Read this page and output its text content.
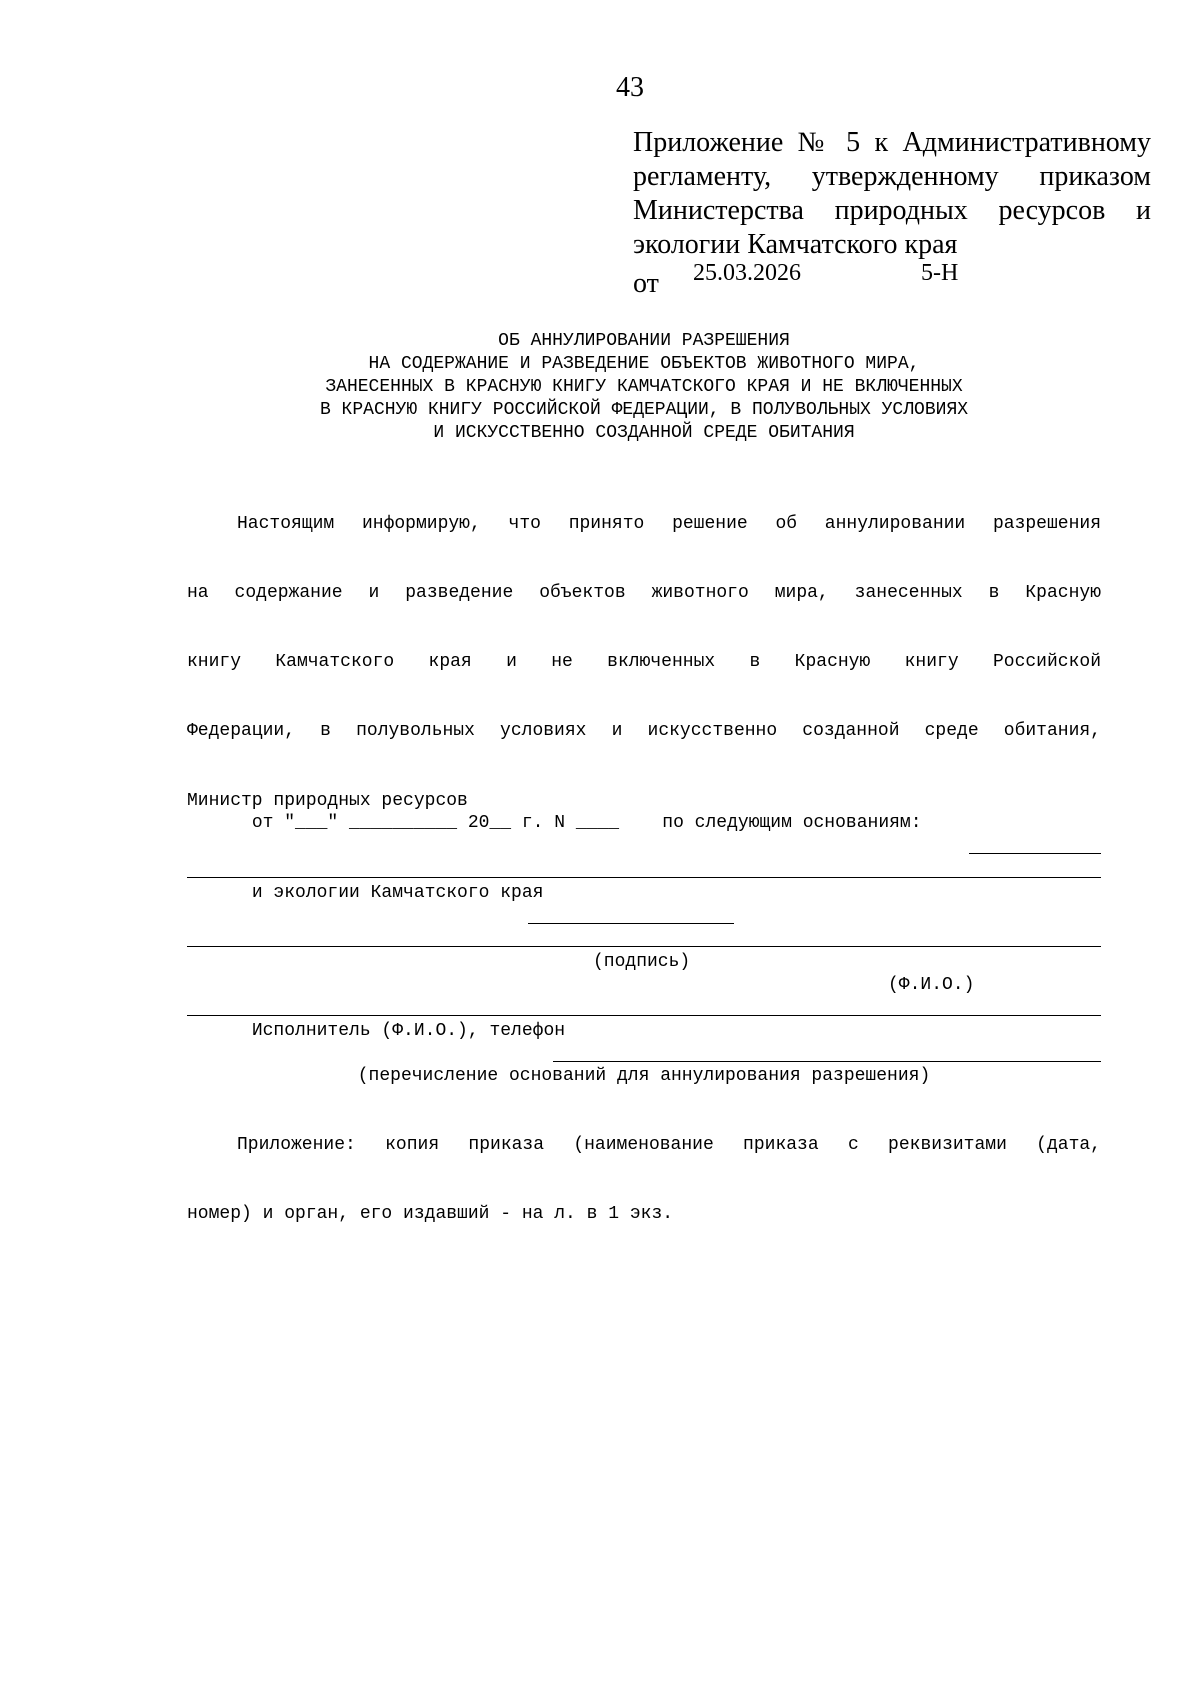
43
Приложение № 5 к Административному
регламенту, утвержденному приказом
Министерства природных ресурсов и
экологии Камчатского края
от 25.03.2026	5-Н
ОБ АННУЛИРОВАНИИ РАЗРЕШЕНИЯ
НА СОДЕРЖАНИЕ И РАЗВЕДЕНИЕ ОБЪЕКТОВ ЖИВОТНОГО МИРА,
ЗАНЕСЕННЫХ В КРАСНУЮ КНИГУ КАМЧАТСКОГО КРАЯ И НЕ ВКЛЮЧЕННЫХ
В КРАСНУЮ КНИГУ РОССИЙСКОЙ ФЕДЕРАЦИИ, В ПОЛУВОЛЬНЫХ УСЛОВИЯХ
И ИСКУССТВЕННО СОЗДАННОЙ СРЕДЕ ОБИТАНИЯ

Настоящим информирую, что принято решение об аннулировании разрешения

на содержание и разведение объектов животного мира, занесенных в Красную

книгу Камчатского края и не включенных в Красную книгу Российской

Федерации, в полувольных условиях и искусственно созданной среде обитания,

от "___" __________ 20__ г. N ____    по следующим основаниям:

(перечисление оснований для аннулирования разрешения)

Приложение: копия приказа (наименование приказа с реквизитами (дата,

номер) и орган, его издавший - на л. в 1 экз.

Министр природных ресурсов

и экологии Камчатского края

(подпись)

(Ф.И.О.)

Исполнитель (Ф.И.О.), телефон
